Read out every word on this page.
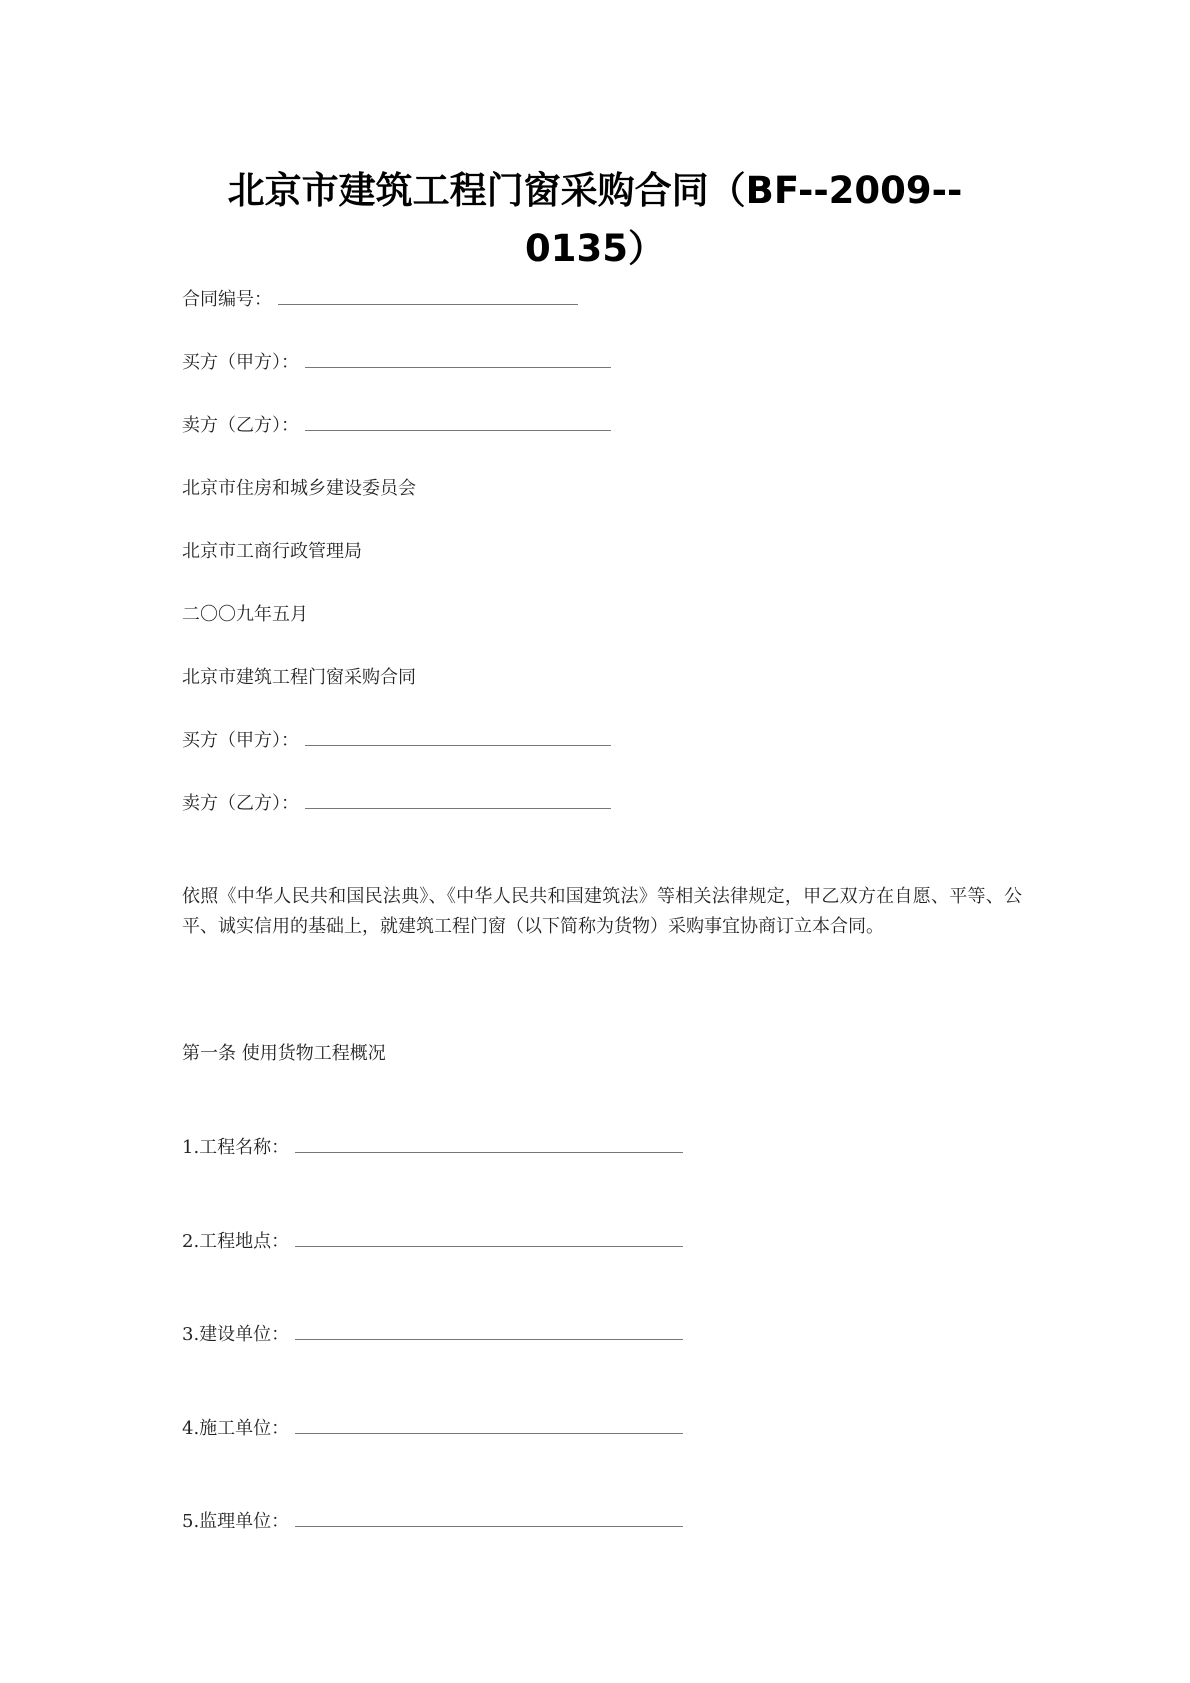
北京市建筑工程门窗采购合同（BF--2009--
0135）
合同编号：
买方（甲方）：
卖方（乙方）：
北京市住房和城乡建设委员会
北京市工商行政管理局
二〇〇九年五月
北京市建筑工程门窗采购合同
买方（甲方）：
卖方（乙方）：
依照《中华人民共和国民法典》、《中华人民共和国建筑法》等相关法律规定，甲乙双方在自愿、平等、公平、诚实信用的基础上，就建筑工程门窗（以下简称为货物）采购事宜协商订立本合同。
第一条 使用货物工程概况
1.工程名称：
2.工程地点：
3.建设单位：
4.施工单位：
5.监理单位：
